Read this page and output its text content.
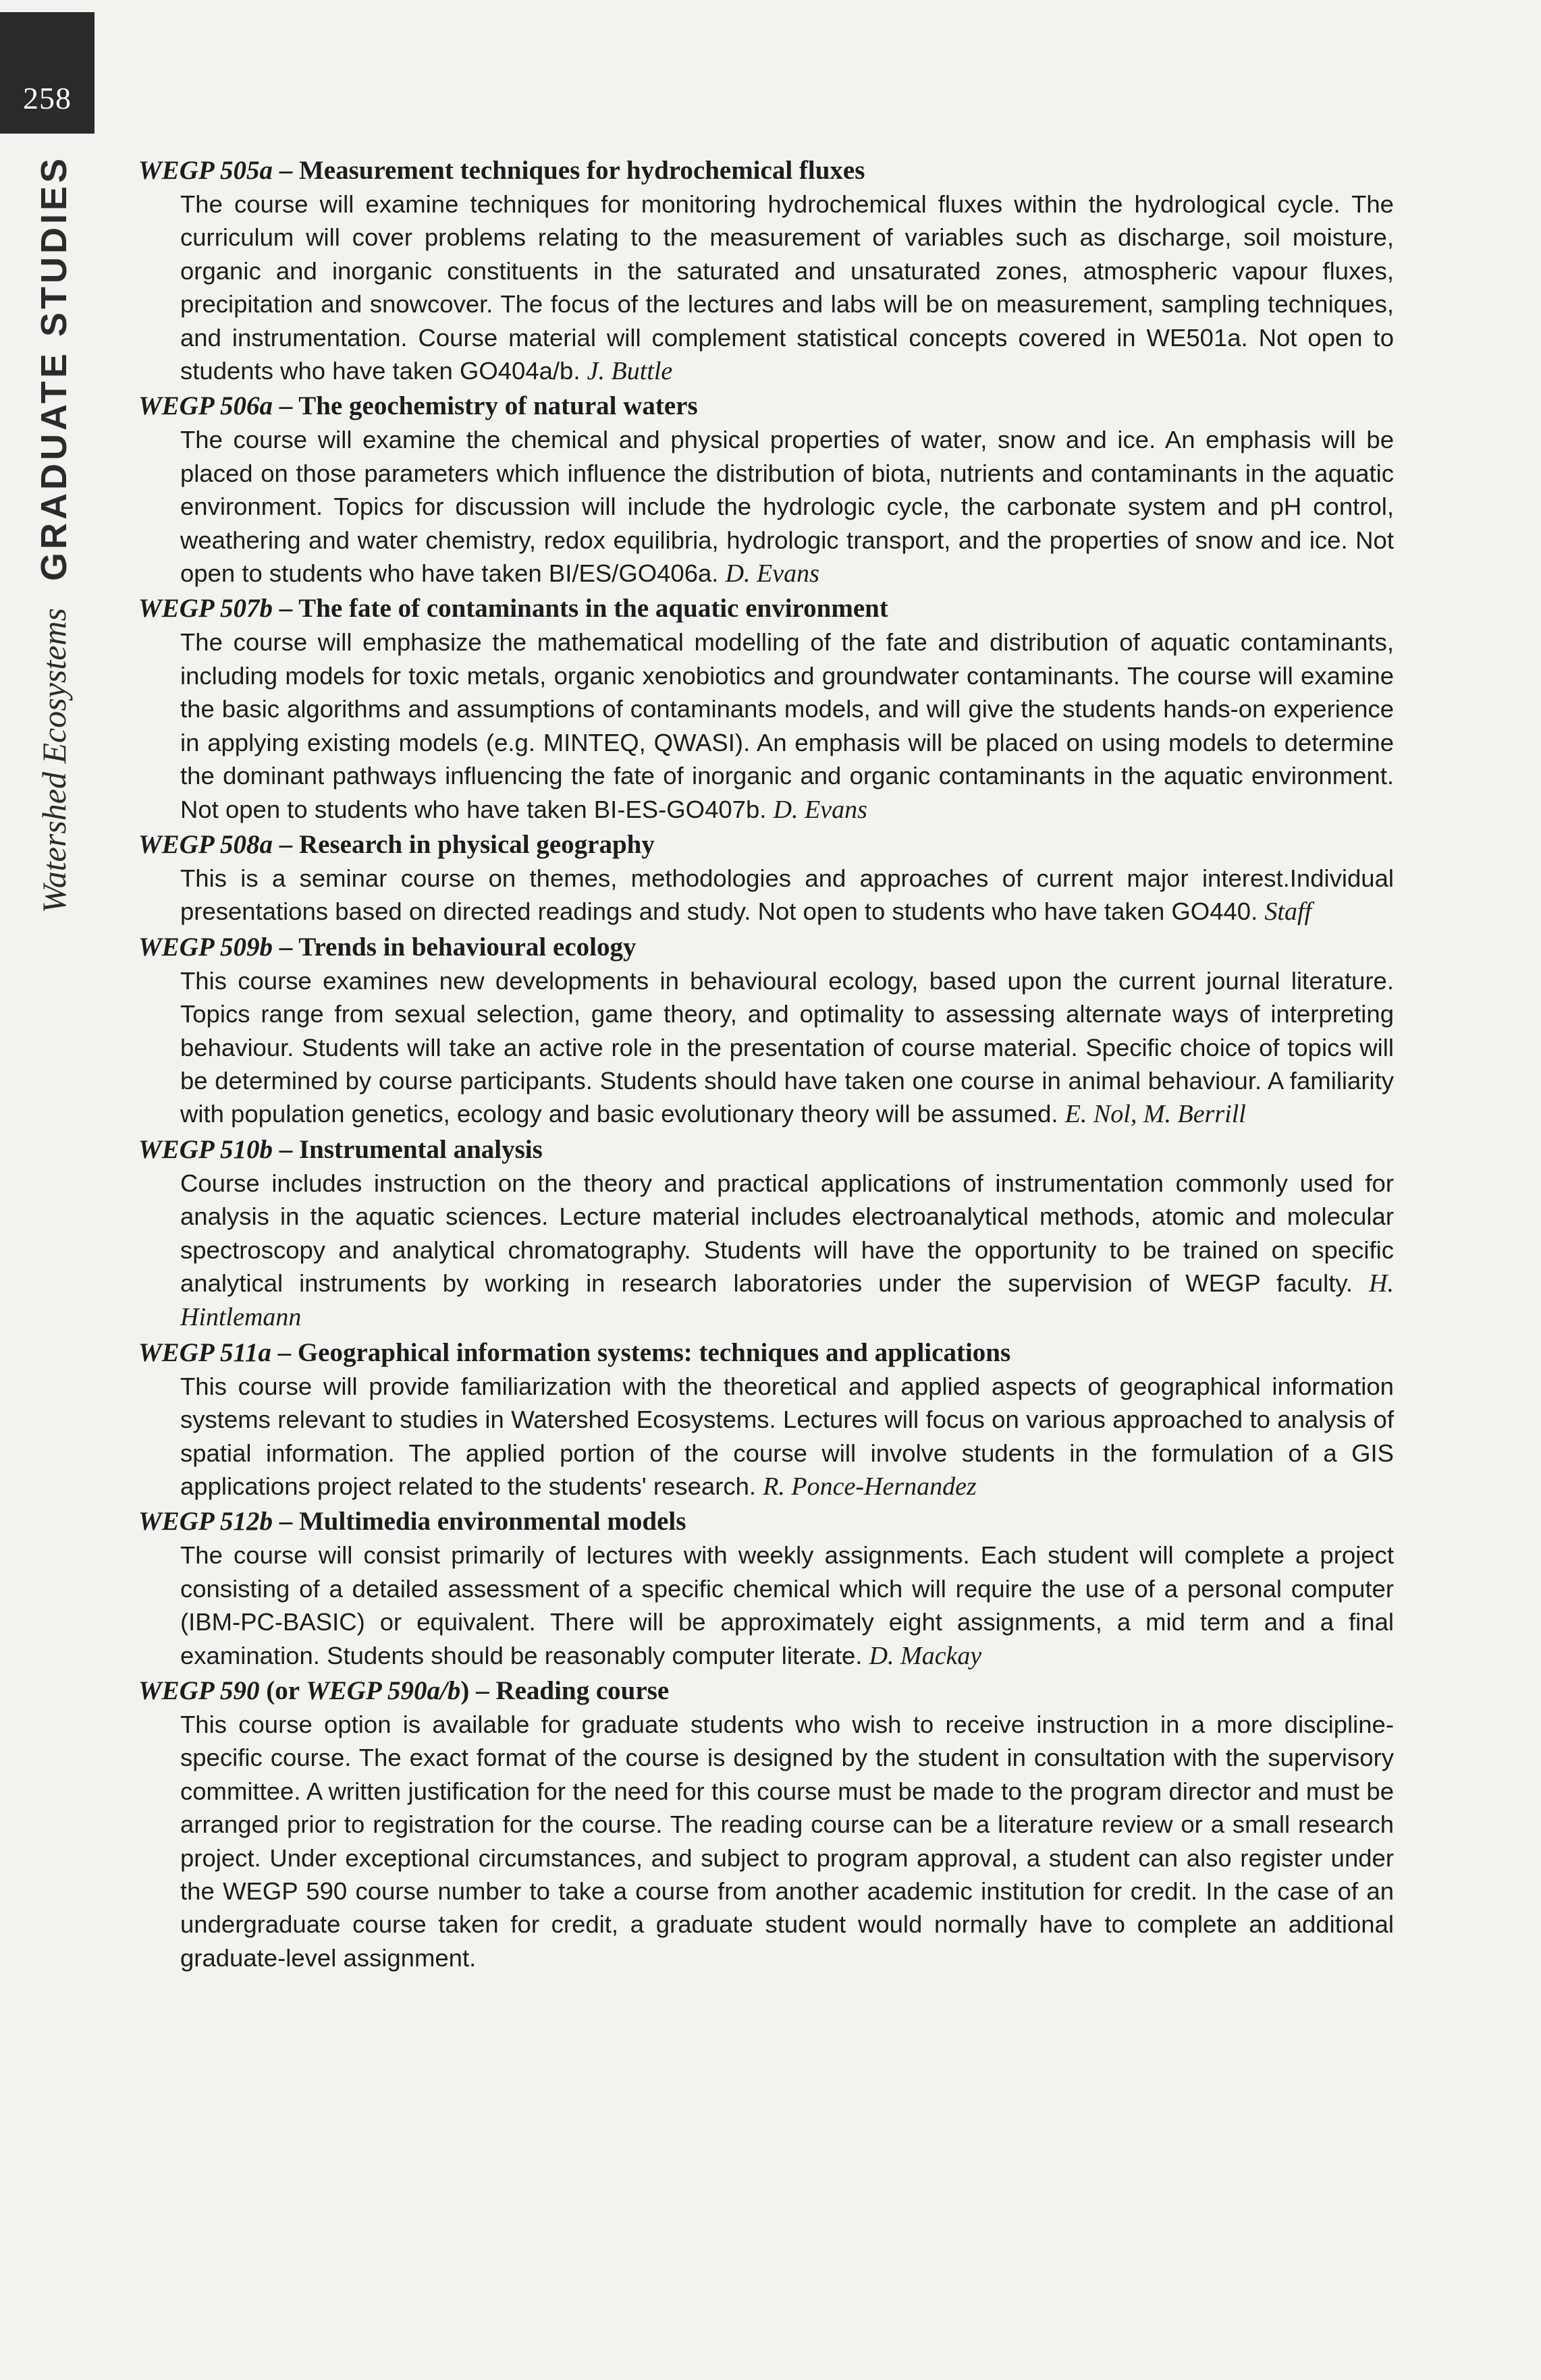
258
Watershed Ecosystems
GRADUATE STUDIES WEGP 505a – Measurement techniques for hydrochemical fluxes

The course will examine techniques for monitoring hydrochemical fluxes within the hydrological cycle. The curriculum will cover problems relating to the measurement of variables such as discharge, soil moisture, organic and inorganic constituents in the saturated and unsaturated zones, atmospheric vapour fluxes, precipitation and snowcover. The focus of the lectures and labs will be on measurement, sampling techniques, and instrumentation. Course material will complement statistical concepts covered in WE501a. Not open to students who have taken GO404a/b. J. Buttle

WEGP 506a – The geochemistry of natural waters

The course will examine the chemical and physical properties of water, snow and ice. An emphasis will be placed on those parameters which influence the distribution of biota, nutrients and contaminants in the aquatic environment. Topics for discussion will include the hydrologic cycle, the carbonate system and pH control, weathering and water chemistry, redox equilibria, hydrologic transport, and the properties of snow and ice. Not open to students who have taken BI/ES/GO406a. D. Evans

WEGP 507b – The fate of contaminants in the aquatic environment

The course will emphasize the mathematical modelling of the fate and distribution of aquatic contaminants, including models for toxic metals, organic xenobiotics and groundwater contaminants. The course will examine the basic algorithms and assumptions of contaminants models, and will give the students hands-on experience in applying existing models (e.g. MINTEQ, QWASI). An emphasis will be placed on using models to determine the dominant pathways influencing the fate of inorganic and organic contaminants in the aquatic environment. Not open to students who have taken BI-ES-GO407b. D. Evans

WEGP 508a – Research in physical geography

This is a seminar course on themes, methodologies and approaches of current major interest.Individual presentations based on directed readings and study. Not open to students who have taken GO440. Staff

WEGP 509b – Trends in behavioural ecology

This course examines new developments in behavioural ecology, based upon the current journal literature. Topics range from sexual selection, game theory, and optimality to assessing alternate ways of interpreting behaviour. Students will take an active role in the presentation of course material. Specific choice of topics will be determined by course participants. Students should have taken one course in animal behaviour. A familiarity with population genetics, ecology and basic evolutionary theory will be assumed. E. Nol, M. Berrill

WEGP 510b – Instrumental analysis

Course includes instruction on the theory and practical applications of instrumentation commonly used for analysis in the aquatic sciences. Lecture material includes electroanalytical methods, atomic and molecular spectroscopy and analytical chromatography. Students will have the opportunity to be trained on specific analytical instruments by working in research laboratories under the supervision of WEGP faculty. H. Hintlemann

WEGP 511a – Geographical information systems: techniques and applications

This course will provide familiarization with the theoretical and applied aspects of geographical information systems relevant to studies in Watershed Ecosystems. Lectures will focus on various approached to analysis of spatial information. The applied portion of the course will involve students in the formulation of a GIS applications project related to the students' research. R. Ponce-Hernandez

WEGP 512b – Multimedia environmental models

The course will consist primarily of lectures with weekly assignments. Each student will complete a project consisting of a detailed assessment of a specific chemical which will require the use of a personal computer (IBM-PC-BASIC) or equivalent. There will be approximately eight assignments, a mid term and a final examination. Students should be reasonably computer literate. D. Mackay

WEGP 590 (or WEGP 590a/b) – Reading course

This course option is available for graduate students who wish to receive instruction in a more discipline-specific course. The exact format of the course is designed by the student in consultation with the supervisory committee. A written justification for the need for this course must be made to the program director and must be arranged prior to registration for the course. The reading course can be a literature review or a small research project. Under exceptional circumstances, and subject to program approval, a student can also register under the WEGP 590 course number to take a course from another academic institution for credit. In the case of an undergraduate course taken for credit, a graduate student would normally have to complete an additional graduate-level assignment.
